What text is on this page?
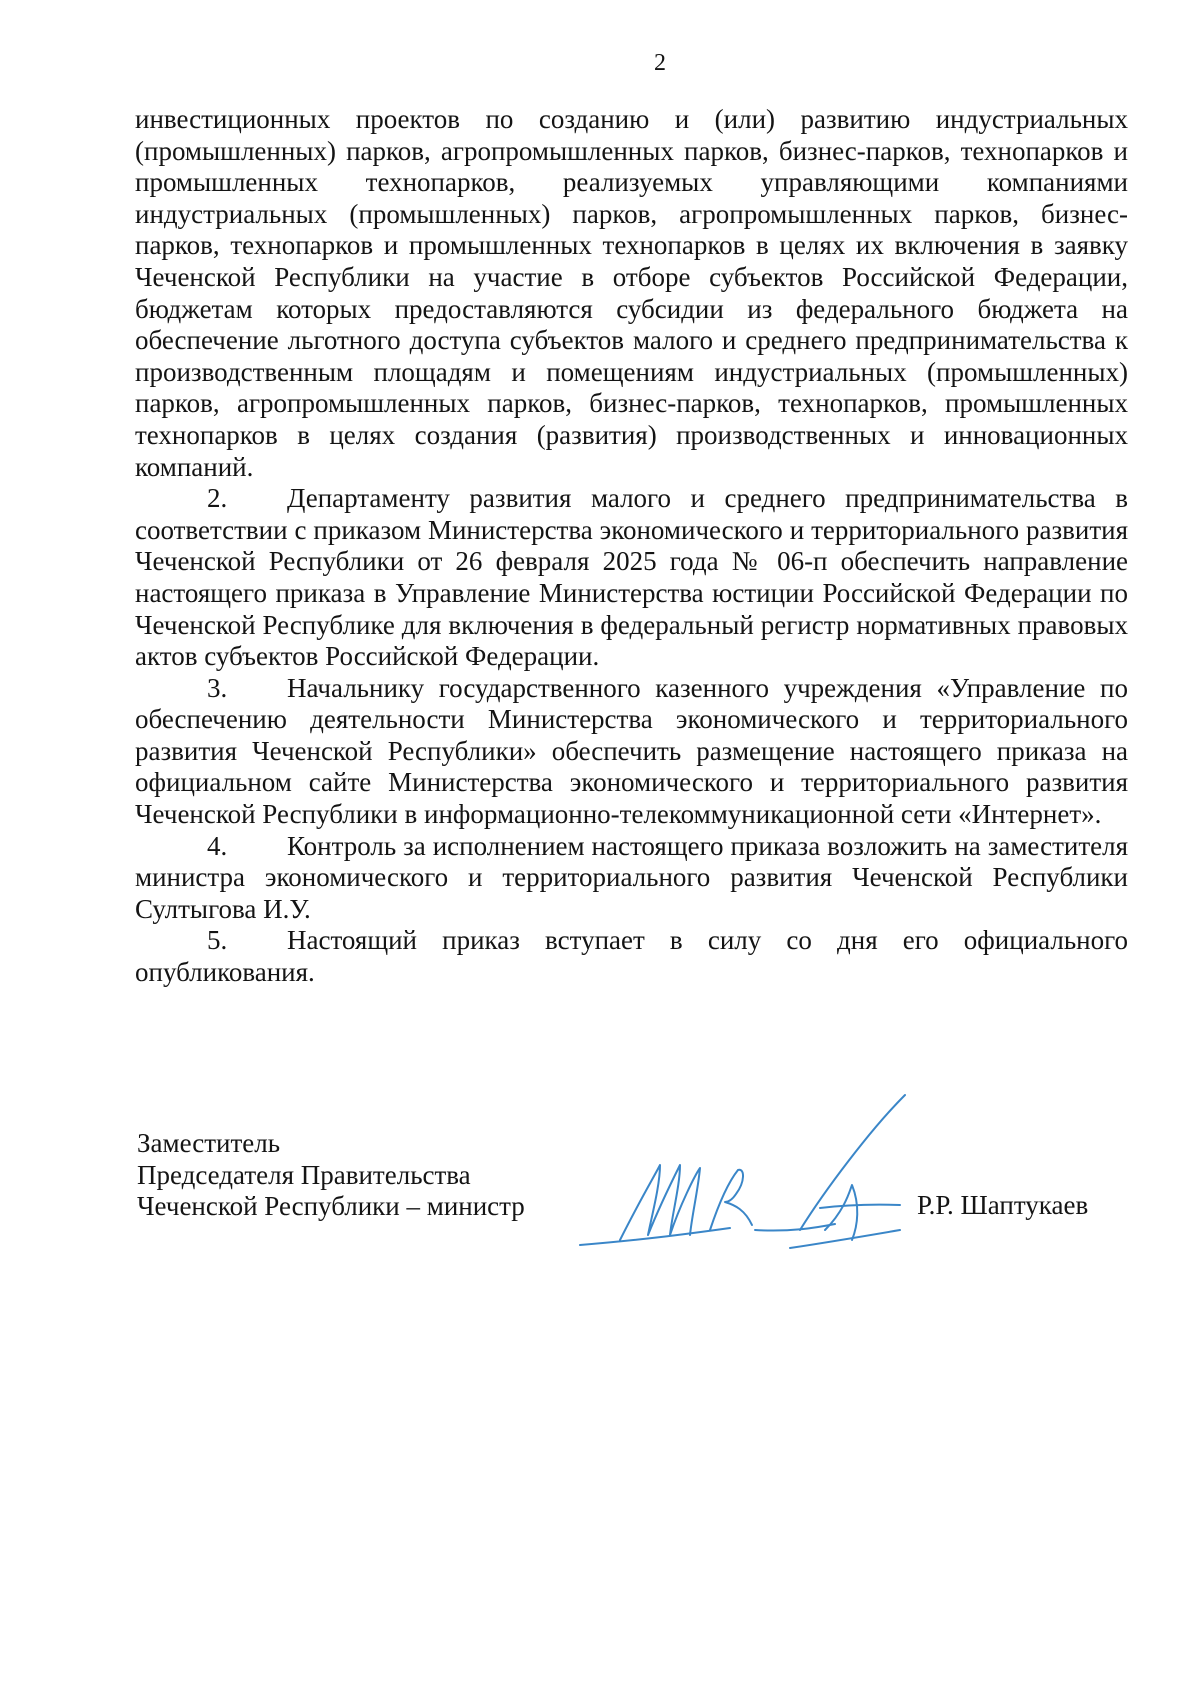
2

инвестиционных проектов по созданию и (или) развитию индустриальных (промышленных) парков, агропромышленных парков, бизнес-парков, технопарков и промышленных технопарков, реализуемых управляющими компаниями индустриальных (промышленных) парков, агропромышленных парков, бизнес-парков, технопарков и промышленных технопарков в целях их включения в заявку Чеченской Республики на участие в отборе субъектов Российской Федерации, бюджетам которых предоставляются субсидии из федерального бюджета на обеспечение льготного доступа субъектов малого и среднего предпринимательства к производственным площадям и помещениям индустриальных (промышленных) парков, агропромышленных парков, бизнес-парков, технопарков, промышленных технопарков в целях создания (развития) производственных и инновационных компаний.

2. Департаменту развития малого и среднего предпринимательства в соответствии с приказом Министерства экономического и территориального развития Чеченской Республики от 26 февраля 2025 года № 06-п обеспечить направление настоящего приказа в Управление Министерства юстиции Российской Федерации по Чеченской Республике для включения в федеральный регистр нормативных правовых актов субъектов Российской Федерации.

3. Начальнику государственного казенного учреждения «Управление по обеспечению деятельности Министерства экономического и территориального развития Чеченской Республики» обеспечить размещение настоящего приказа на официальном сайте Министерства экономического и территориального развития Чеченской Республики в информационно-телекоммуникационной сети «Интернет».

4. Контроль за исполнением настоящего приказа возложить на заместителя министра экономического и территориального развития Чеченской Республики Султыгова И.У.

5. Настоящий приказ вступает в силу со дня его официального опубликования.

Заместитель
Председателя Правительства
Чеченской Республики – министр	Р.Р. Шаптукаев
